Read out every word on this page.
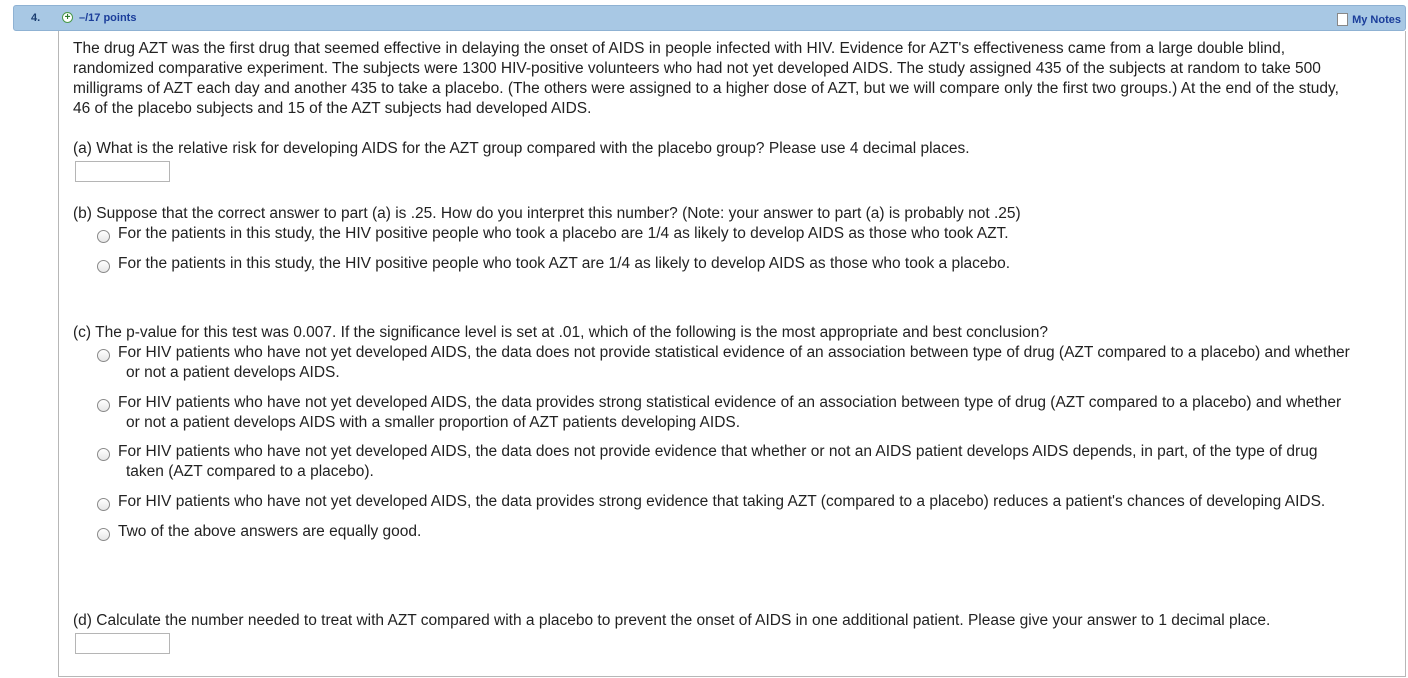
4. + –/17 points	My Notes
The drug AZT was the first drug that seemed effective in delaying the onset of AIDS in people infected with HIV. Evidence for AZT's effectiveness came from a large double blind,
randomized comparative experiment. The subjects were 1300 HIV-positive volunteers who had not yet developed AIDS. The study assigned 435 of the subjects at random to take 500
milligrams of AZT each day and another 435 to take a placebo. (The others were assigned to a higher dose of AZT, but we will compare only the first two groups.) At the end of the study,
46 of the placebo subjects and 15 of the AZT subjects had developed AIDS.
(a) What is the relative risk for developing AIDS for the AZT group compared with the placebo group? Please use 4 decimal places.
(b) Suppose that the correct answer to part (a) is .25. How do you interpret this number? (Note: your answer to part (a) is probably not .25)
For the patients in this study, the HIV positive people who took a placebo are 1/4 as likely to develop AIDS as those who took AZT.
For the patients in this study, the HIV positive people who took AZT are 1/4 as likely to develop AIDS as those who took a placebo.
(c) The p-value for this test was 0.007. If the significance level is set at .01, which of the following is the most appropriate and best conclusion?
For HIV patients who have not yet developed AIDS, the data does not provide statistical evidence of an association between type of drug (AZT compared to a placebo) and whether
or not a patient develops AIDS.
For HIV patients who have not yet developed AIDS, the data provides strong statistical evidence of an association between type of drug (AZT compared to a placebo) and whether
or not a patient develops AIDS with a smaller proportion of AZT patients developing AIDS.
For HIV patients who have not yet developed AIDS, the data does not provide evidence that whether or not an AIDS patient develops AIDS depends, in part, of the type of drug
taken (AZT compared to a placebo).
For HIV patients who have not yet developed AIDS, the data provides strong evidence that taking AZT (compared to a placebo) reduces a patient's chances of developing AIDS.
Two of the above answers are equally good.
(d) Calculate the number needed to treat with AZT compared with a placebo to prevent the onset of AIDS in one additional patient. Please give your answer to 1 decimal place.
